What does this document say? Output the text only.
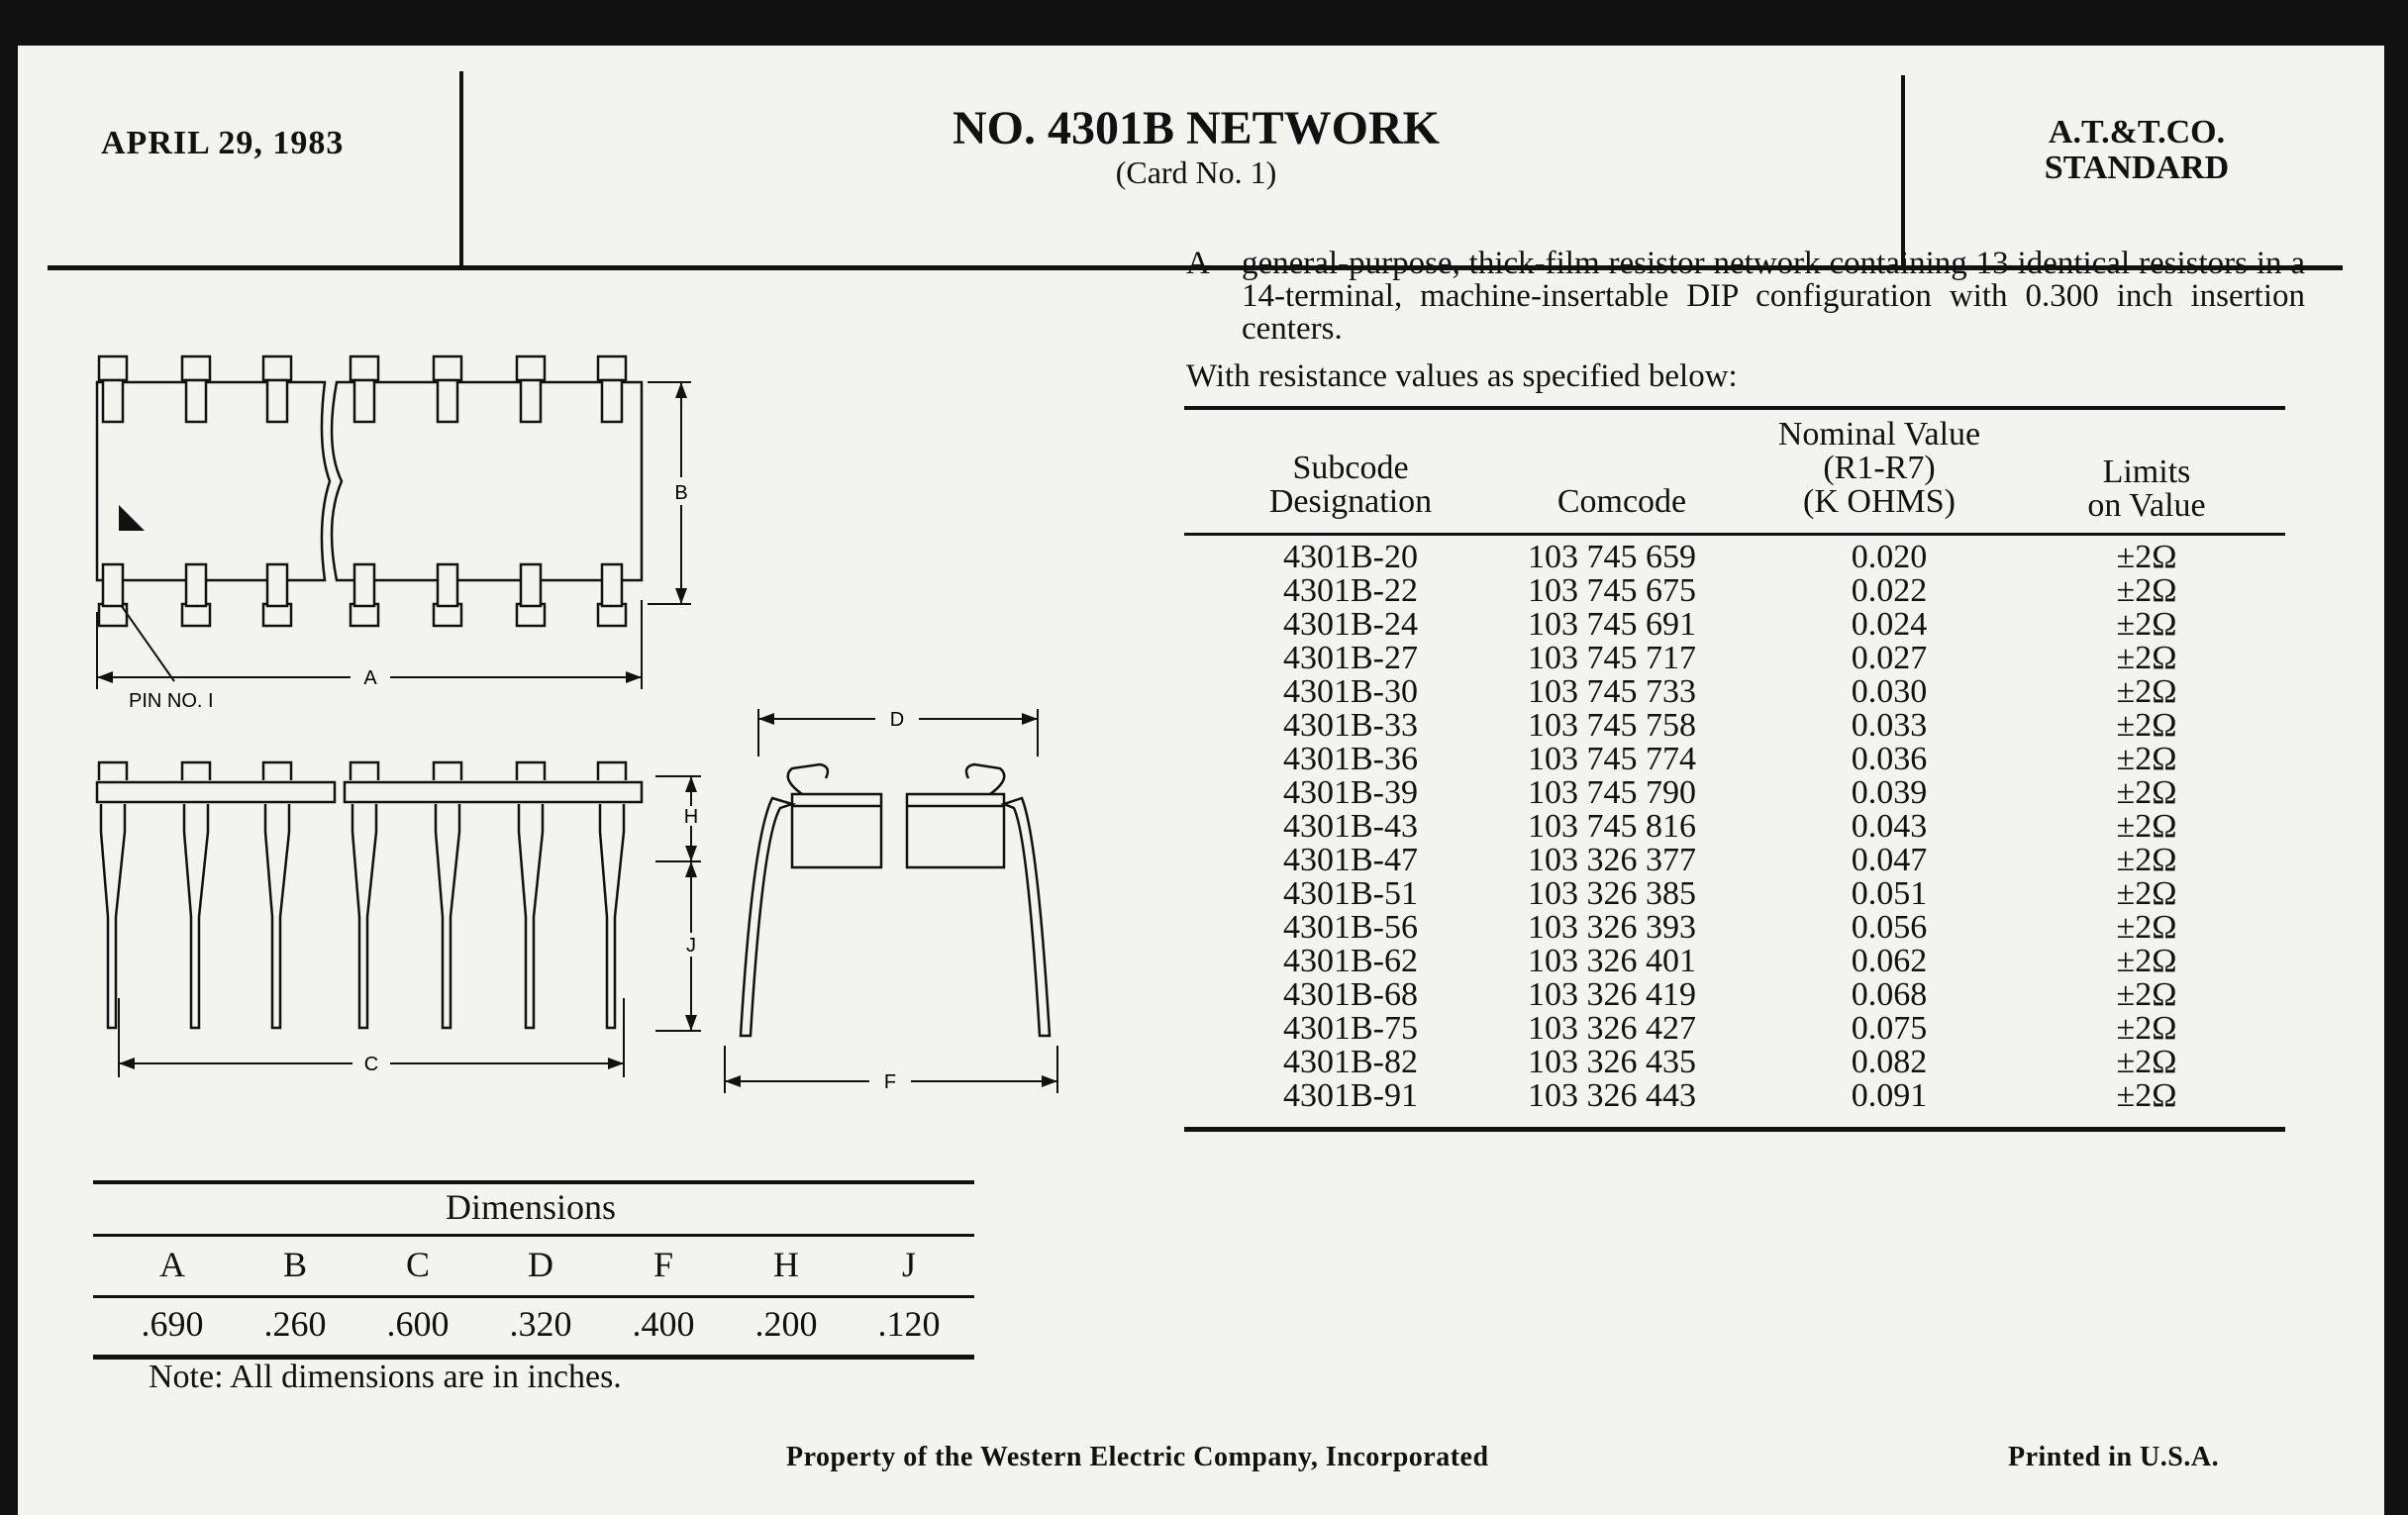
APRIL 29, 1983	NO. 4301B NETWORK
(Card No. 1)
A.T.&T.CO.
STANDARD
A general-purpose, thick-film resistor network containing 13 identical resistors in a 14-terminal, machine-insertable DIP configuration with 0.300 inch insertion centers.
With resistance values as specified below:
Subcode
Designation	Comcode
Nominal Value
(R1-R7)
(K OHMS)
Limits
on Value
4301B-20	103 745 659	0.020	±2Ω
4301B-22	103 745 675	0.022	±2Ω
4301B-24	103 745 691	0.024	±2Ω
4301B-27	103 745 717	0.027	±2Ω
4301B-30	103 745 733	0.030	±2Ω
4301B-33	103 745 758	0.033	±2Ω
4301B-36	103 745 774	0.036	±2Ω
4301B-39	103 745 790	0.039	±2Ω
4301B-43	103 745 816	0.043	±2Ω
4301B-47	103 326 377	0.047	±2Ω
4301B-51	103 326 385	0.051	±2Ω
4301B-56	103 326 393	0.056	±2Ω
4301B-62	103 326 401	0.062	±2Ω
4301B-68	103 326 419	0.068	±2Ω
4301B-75	103 326 427	0.075	±2Ω
4301B-82	103 326 435	0.082	±2Ω
4301B-91	103 326 443	0.091	±2Ω
PIN NO. I
A
B
H
J
C
D
F
Dimensions
A	B	C	D	F	H	J
.690	.260	.600	.320	.400	.200	.120
Note: All dimensions are in inches.
Property of the Western Electric Company, Incorporated	Printed in U.S.A.
